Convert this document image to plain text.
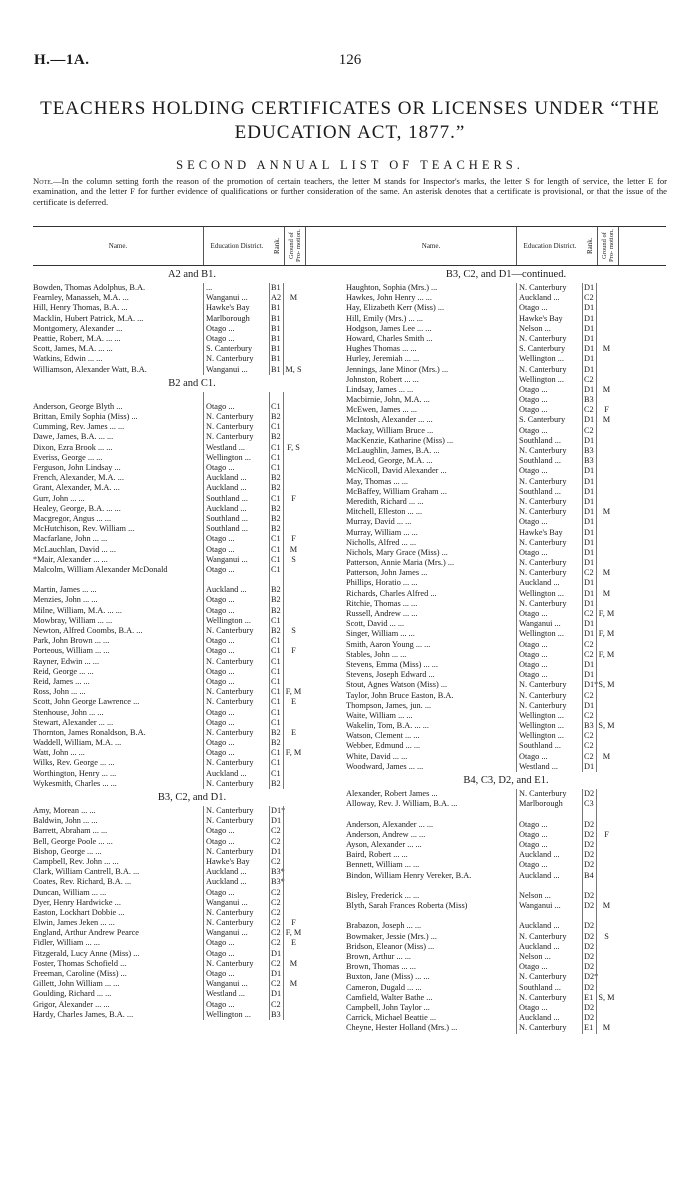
H.—1A.	126
TEACHERS HOLDING CERTIFICATES OR LICENSES UNDER “THE EDUCATION ACT, 1877.”
SECOND ANNUAL LIST OF TEACHERS.
Note.—In the column setting forth the reason of the promotion of certain teachers, the letter M stands for Inspector's marks, the letter S for length of service, the letter E for examination, and the letter F for further evidence of qualifications or further consideration of the same. An asterisk denotes that a certificate is provisional, or that the issue of the certificate is deferred.
Name.	Education District.	Rank.	Ground of Pro- motion.
A2 and B1.
Bowden, Thomas Adolphus, B.A.	...	B1
Fearnley, Manasseh, M.A. ...	Wanganui ...	A2	M
Hill, Henry Thomas, B.A. ...	Hawke's Bay	B1
Macklin, Hubert Patrick, M.A. ...	Marlborough	B1
Montgomery, Alexander ...	Otago ...	B1
Peattie, Robert, M.A. ... ...	Otago ...	B1
Scott, James, M.A. ... ...	S. Canterbury	B1
Watkins, Edwin ... ...	N. Canterbury	B1
Williamson, Alexander Watt, B.A.	Wanganui ...	B1 M, S
B2 and C1.
Anderson, George Blyth ...	Otago ...	C1
Brittan, Emily Sophia (Miss) ...	N. Canterbury	B2
Cumming, Rev. James ... ...	N. Canterbury	C1
Dawe, James, B.A. ... ...	N. Canterbury	B2
Dixon, Ezra Brook ... ...	Westland ...	C1 F, S
Everiss, George ... ...	Wellington ...	C1
Ferguson, John Lindsay ...	Otago ...	C1
French, Alexander, M.A. ...	Auckland ...	B2
Grant, Alexander, M.A. ...	Auckland ...	B2
Gurr, John ... ...	Southland ...	C1	F
Healey, George, B.A. ... ...	Auckland ...	B2
Macgregor, Angus ... ...	Southland ...	B2
McHutchison, Rev. William ...	Southland ...	B2
Macfarlane, John ... ...	Otago ...	C1	F
McLauchlan, David ... ...	Otago ...	C1	M
*Mair, Alexander ... ...	Wanganui ...	C1	S
Malcolm, William Alexander McDonald	Otago ...	C1
Martin, James ... ...	Auckland ...	B2
Menzies, John ... ...	Otago ...	B2
Milne, William, M.A. ... ...	Otago ...	B2
Mowbray, William ... ...	Wellington ...	C1
Newton, Alfred Coombs, B.A. ...	N. Canterbury	B2	S
Park, John Brown ... ...	Otago ...	C1
Porteous, William ... ...	Otago ...	C1	F
Rayner, Edwin ... ...	N. Canterbury	C1
Reid, George ... ...	Otago ...	C1
Reid, James ... ...	Otago ...	C1
Ross, John ... ...	N. Canterbury	C1 F, M
Scott, John George Lawrence ...	N. Canterbury	C1	E
Stenhouse, John ... ...	Otago ...	C1
Stewart, Alexander ... ...	Otago ...	C1
Thornton, James Ronaldson, B.A.	N. Canterbury	B2	E
Waddell, William, M.A. ...	Otago ...	B2
Watt, John ... ...	Otago ...	C1 F, M
Wilks, Rev. George ... ...	N. Canterbury	C1
Worthington, Henry ... ...	Auckland ...	C1
Wykesmith, Charles ... ...	N. Canterbury	B2
B3, C2, and D1.
Amy, Morean ... ...	N. Canterbury	D1*
Baldwin, John ... ...	N. Canterbury	D1
Barrett, Abraham ... ...	Otago ...	C2
Bell, George Poole ... ...	Otago ...	C2
Bishop, George ... ...	N. Canterbury	D1
Campbell, Rev. John ... ...	Hawke's Bay	C2
Clark, William Cantrell, B.A. ...	Auckland ...	B3*
Coates, Rev. Richard, B.A. ...	Auckland ...	B3*
Duncan, William ... ...	Otago ...	C2
Dyer, Henry Hardwicke ...	Wanganui ...	C2
Easton, Lockhart Dobbie ...	N. Canterbury	C2
Elwin, James Jeken ... ...	N. Canterbury	C2	F
England, Arthur Andrew Pearce	Wanganui ...	C2 F, M
Fidler, William ... ...	Otago ...	C2	E
Fitzgerald, Lucy Anne (Miss) ...	Otago ...	D1
Foster, Thomas Schofield ...	N. Canterbury	C2	M
Freeman, Caroline (Miss) ...	Otago ...	D1
Gillett, John William ... ...	Wanganui ...	C2	M
Goulding, Richard ... ...	Westland ...	D1
Grigor, Alexander ... ...	Otago ...	C2
Hardy, Charles James, B.A. ...	Wellington ...	B3
Name.	Education District.	Rank.	Ground of Pro- motion.
B3, C2, and D1—continued.
Haughton, Sophia (Mrs.) ...	N. Canterbury	D1
Hawkes, John Henry ... ...	Auckland ...	C2
Hay, Elizabeth Kerr (Miss) ...	Otago ...	D1
Hill, Emily (Mrs.) ... ...	Hawke's Bay	D1
Hodgson, James Lee ... ...	Nelson ...	D1
Howard, Charles Smith ...	N. Canterbury	D1
Hughes Thomas ... ...	S. Canterbury	D1	M
Hurley, Jeremiah ... ...	Wellington ...	D1
Jennings, Jane Minor (Mrs.) ...	N. Canterbury	D1
Johnston, Robert ... ...	Wellington ...	C2
Lindsay, James ... ...	Otago ...	D1	M
Macbirnie, John, M.A. ...	Otago ...	B3
McEwen, James ... ...	Otago ...	C2	F
McIntosh, Alexander ... ...	S. Canterbury	D1	M
Mackay, William Bruce ...	Otago ...	C2
MacKenzie, Katharine (Miss) ...	Southland ...	D1
McLaughlin, James, B.A. ...	N. Canterbury	B3
McLeod, George, M.A. ...	Southland ...	B3
McNicoll, David Alexander ...	Otago ...	D1
May, Thomas ... ...	N. Canterbury	D1
McBaffey, William Graham ...	Southland ...	D1
Meredith, Richard ... ...	N. Canterbury	D1
Mitchell, Elleston ... ...	N. Canterbury	D1	M
Murray, David ... ...	Otago ...	D1
Murray, William ... ...	Hawke's Bay	D1
Nicholls, Alfred ... ...	N. Canterbury	D1
Nichols, Mary Grace (Miss) ...	Otago ...	D1
Patterson, Annie Maria (Mrs.) ...	N. Canterbury	D1
Patterson, John James ...	N. Canterbury	C2	M
Phillips, Horatio ... ...	Auckland ...	D1
Richards, Charles Alfred ...	Wellington ...	D1	M
Ritchie, Thomas ... ...	N. Canterbury	D1
Russell, Andrew ... ...	Otago ...	C2 F, M
Scott, David ... ...	Wanganui ...	D1
Singer, William ... ...	Wellington ...	D1 F, M
Smith, Aaron Young ... ...	Otago ...	C2
Stables, John ... ...	Otago ...	C2 F, M
Stevens, Emma (Miss) ... ...	Otago ...	D1
Stevens, Joseph Edward ...	Otago ...	D1
Stout, Agnes Watson (Miss) ...	N. Canterbury	D1* S, M
Taylor, John Bruce Easton, B.A.	N. Canterbury	C2
Thompson, James, jun. ...	N. Canterbury	D1
Waite, William ... ...	Wellington ...	C2
Wakelin, Tom, B.A. ... ...	Wellington ...	B3 S, M
Watson, Clement ... ...	Wellington ...	C2
Webber, Edmund ... ...	Southland ...	C2
White, David ... ...	Otago ...	C2	M
Woodward, James ... ...	Westland ...	D1
B4, C3, D2, and E1.
Alexander, Robert James ...	N. Canterbury	D2
Alloway, Rev. J. William, B.A. ...	Marlborough	C3
Anderson, Alexander ... ...	Otago ...	D2
Anderson, Andrew ... ...	Otago ...	D2	F
Ayson, Alexander ... ...	Otago ...	D2
Baird, Robert ... ...	Auckland ...	D2
Bennett, William ... ...	Otago ...	D2
Bindon, William Henry Vereker, B.A.	Auckland ...	B4
Bisley, Frederick ... ...	Nelson ...	D2
Blyth, Sarah Frances Roberta (Miss)	Wanganui ...	D2	M
Brabazon, Joseph ... ...	Auckland ...	D2
Bowmaker, Jessie (Mrs.) ...	N. Canterbury	D2	S
Bridson, Eleanor (Miss) ...	Auckland ...	D2
Brown, Arthur ... ...	Nelson ...	D2
Brown, Thomas ... ...	Otago ...	D2
Buxton, Jane (Miss) ... ...	N. Canterbury	D2*
Cameron, Dugald ... ...	Southland ...	D2
Camfield, Walter Bathe ...	N. Canterbury	E1 S, M
Campbell, John Taylor ...	Otago ...	D2
Carrick, Michael Beattie ...	Auckland ...	D2
Cheyne, Hester Holland (Mrs.) ...	N. Canterbury	E1	M
